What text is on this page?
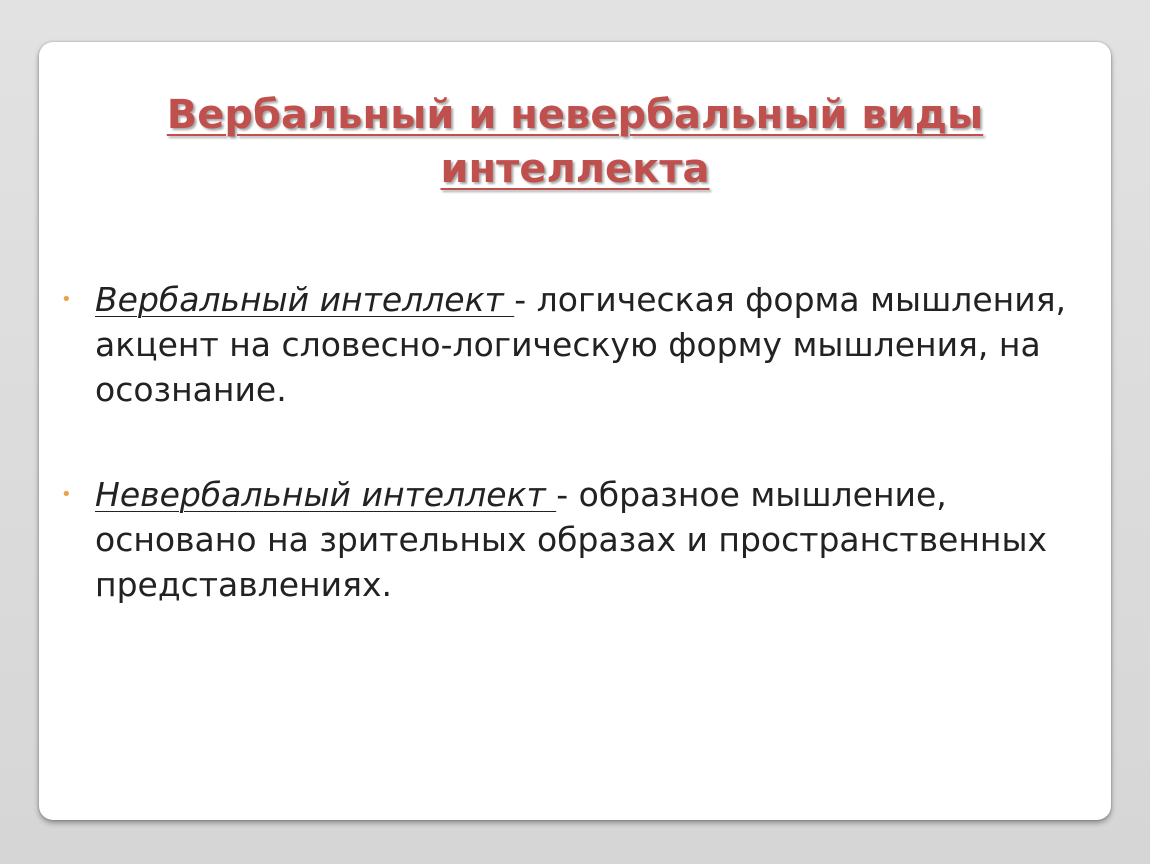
Вербальный и невербальный виды интеллекта
• Вербальный интеллект - логическая форма мышления, акцент на словесно-логическую форму мышления, на осознание.
• Невербальный интеллект - образное мышление, основано на зрительных образах и пространственных представлениях.
